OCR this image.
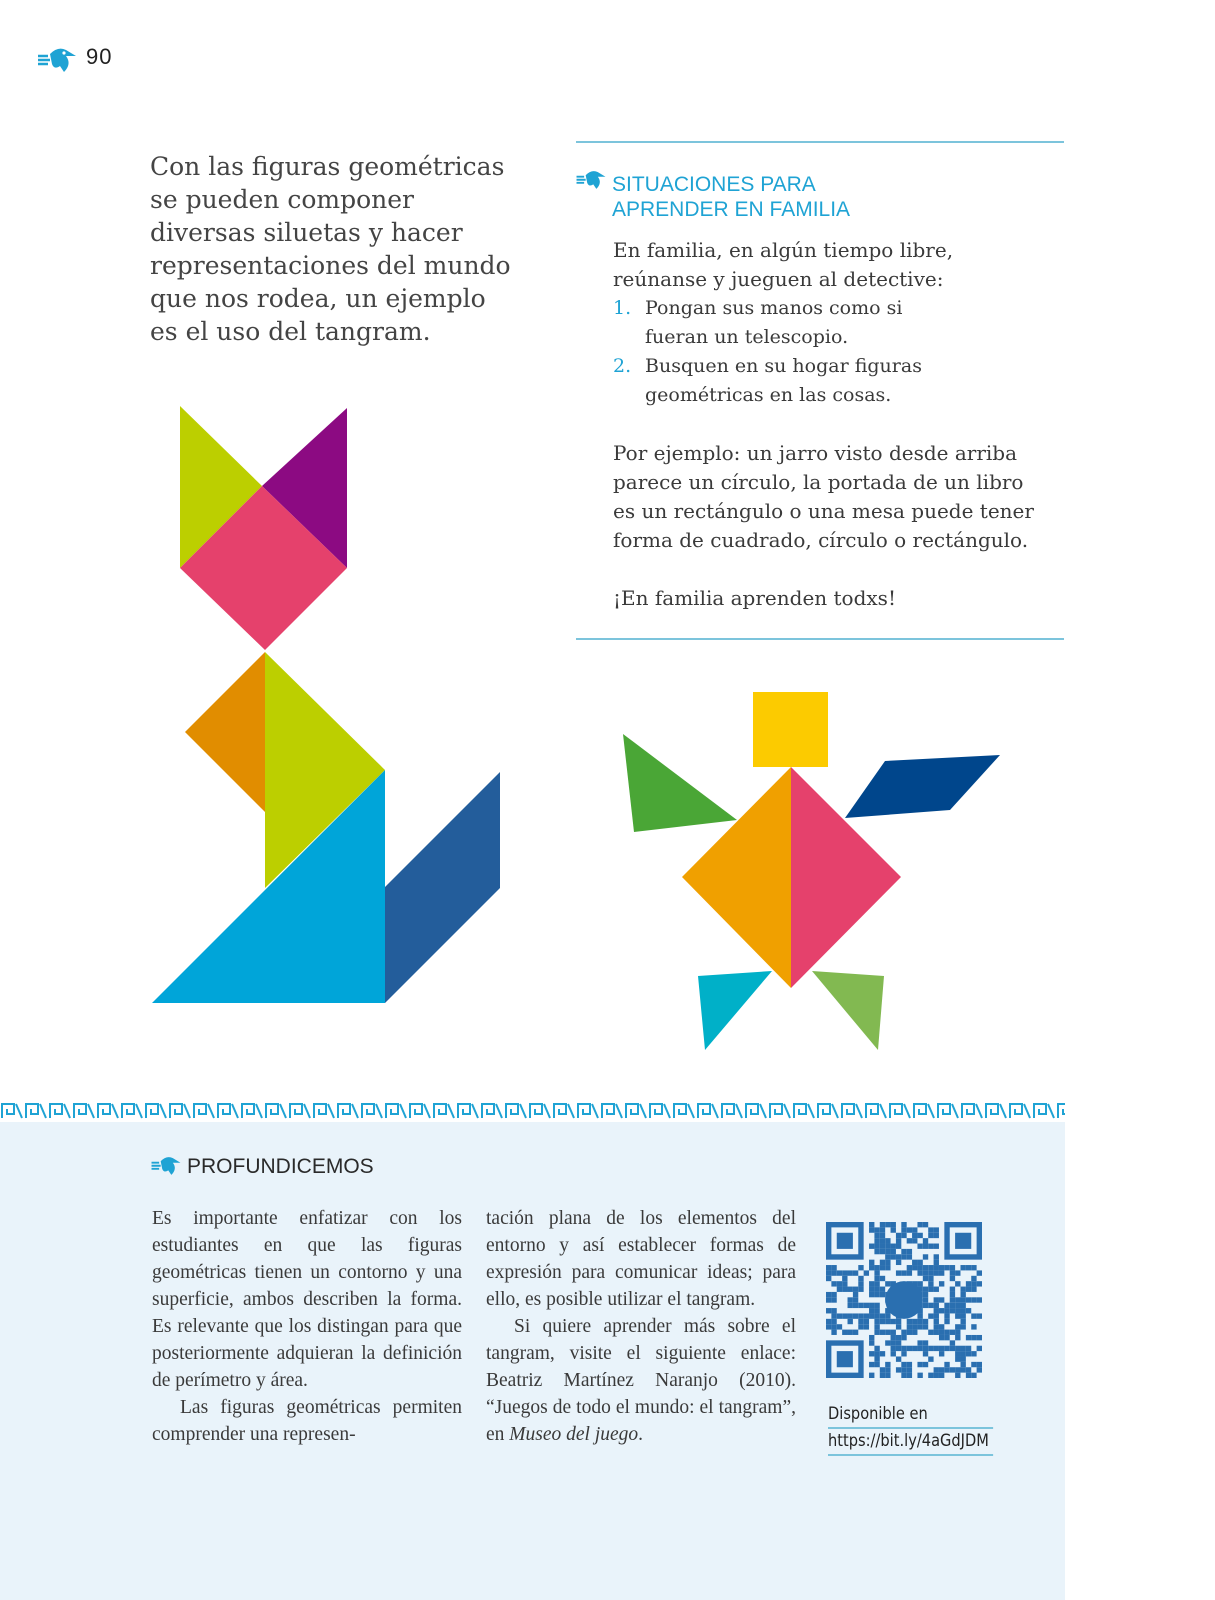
90
Con las figuras geométricas
se pueden componer
diversas siluetas y hacer
representaciones del mundo
que nos rodea, un ejemplo
es el uso del tangram.
SITUACIONES PARA
APRENDER EN FAMILIA

En familia, en algún tiempo libre,

reúnanse y jueguen al detective:

1. Pongan sus manos como si
fueran un telescopio.
2. Busquen en su hogar figuras
geométricas en las cosas.

Por ejemplo: un jarro visto desde arriba

parece un círculo, la portada de un libro

es un rectángulo o una mesa puede tener

forma de cuadrado, círculo o rectángulo.

¡En familia aprenden todxs!

PROFUNDICEMOS

Es importante enfatizar con los estudiantes en que las figuras geométricas tienen un contorno y una superficie, ambos describen la forma. Es relevante que los distingan para que posteriormente adquieran la definición de perímetro y área.

Las figuras geométricas permiten comprender una represen-

tación plana de los elementos del entorno y así establecer formas de expresión para comunicar ideas; para ello, es posible utilizar el tangram.

Si quiere aprender más sobre el tangram, visite el siguiente enlace: Beatriz Martínez Naranjo (2010). “Juegos de todo el mundo: el tangram”, en Museo del juego.

Disponible en
https://bit.ly/4aGdJDM
